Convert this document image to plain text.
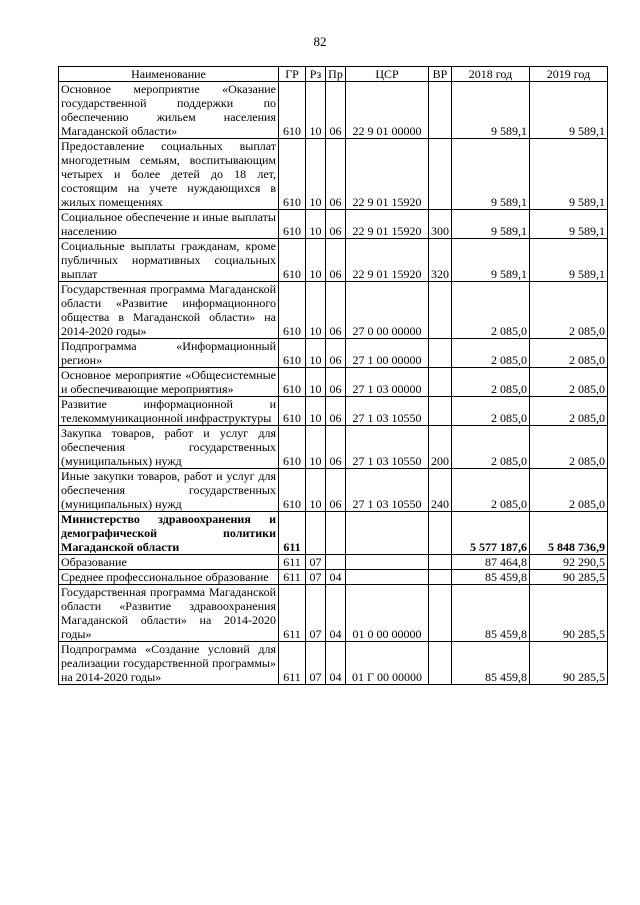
82
Наименование	ГР	Рз	Пр	ЦСР	ВР	2018 год	2019 год
Основное мероприятие «Оказание государственной поддержки по обеспечению жильем населения Магаданской области»	610	10	06	22 9 01 00000		9 589,1	9 589,1
Предоставление социальных выплат многодетным семьям, воспитывающим четырех и более детей до 18 лет, состоящим на учете нуждающихся в жилых помещениях	610	10	06	22 9 01 15920		9 589,1	9 589,1
Социальное обеспечение и иные выплаты населению	610	10	06	22 9 01 15920	300	9 589,1	9 589,1
Социальные выплаты гражданам, кроме публичных нормативных социальных выплат	610	10	06	22 9 01 15920	320	9 589,1	9 589,1
Государственная программа Магаданской области «Развитие информационного общества в Магаданской области» на 2014-2020 годы»	610	10	06	27 0 00 00000		2 085,0	2 085,0
Подпрограмма «Информационный регион»	610	10	06	27 1 00 00000		2 085,0	2 085,0
Основное мероприятие «Общесистемные и обеспечивающие мероприятия»	610	10	06	27 1 03 00000		2 085,0	2 085,0
Развитие информационной и телекоммуникационной инфраструктуры	610	10	06	27 1 03 10550		2 085,0	2 085,0
Закупка товаров, работ и услуг для обеспечения государственных (муниципальных) нужд	610	10	06	27 1 03 10550	200	2 085,0	2 085,0
Иные закупки товаров, работ и услуг для обеспечения государственных (муниципальных) нужд	610	10	06	27 1 03 10550	240	2 085,0	2 085,0
Министерство здравоохранения и демографической политики Магаданской области	611					5 577 187,6	5 848 736,9
Образование	611	07				87 464,8	92 290,5
Среднее профессиональное образование	611	07	04			85 459,8	90 285,5
Государственная программа Магаданской области «Развитие здравоохранения Магаданской области» на 2014-2020 годы»	611	07	04	01 0 00 00000		85 459,8	90 285,5
Подпрограмма «Создание условий для реализации государственной программы» на 2014-2020 годы»	611	07	04	01 Г 00 00000		85 459,8	90 285,5
